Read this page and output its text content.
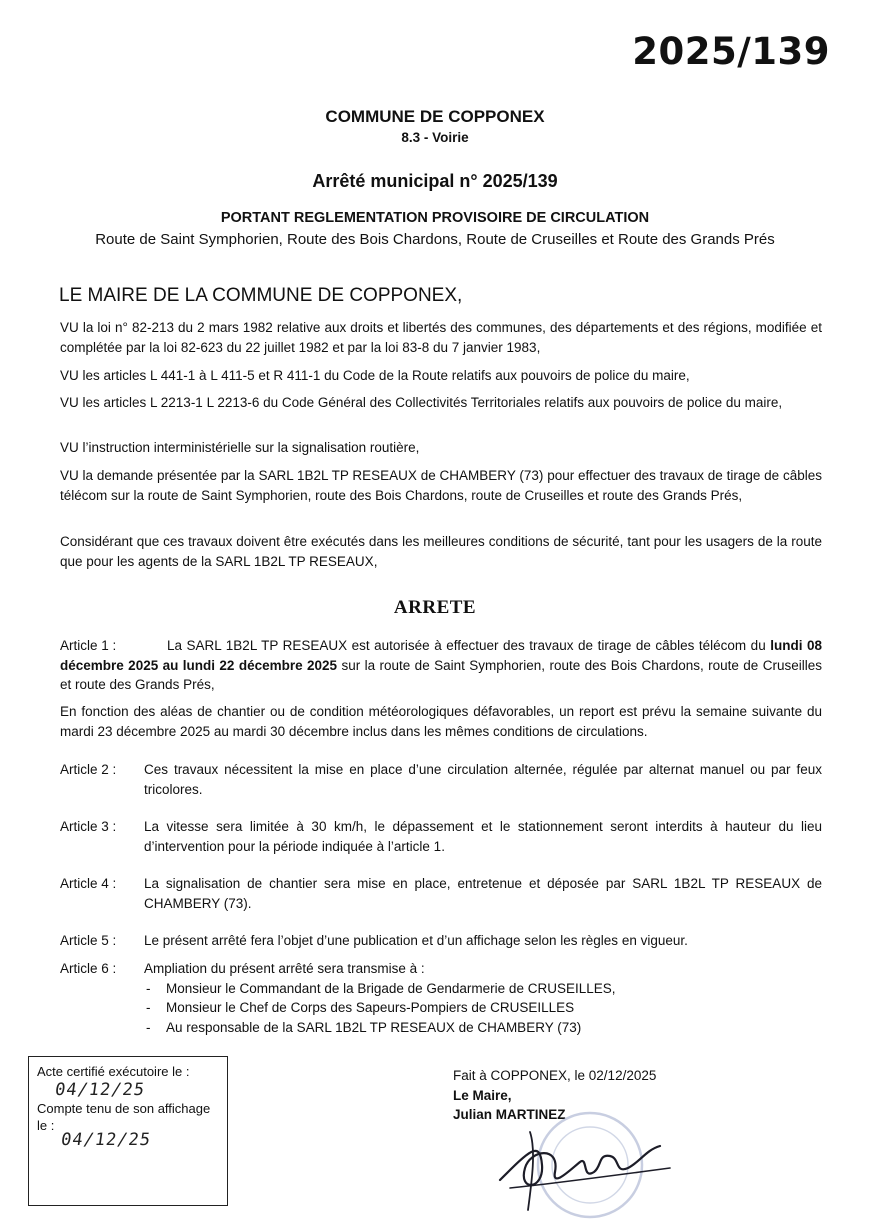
2025/139
COMMUNE DE COPPONEX
8.3 - Voirie
Arrêté municipal n° 2025/139
PORTANT REGLEMENTATION PROVISOIRE DE CIRCULATION
Route de Saint Symphorien, Route des Bois Chardons, Route de Cruseilles et Route des Grands Prés
LE MAIRE DE LA COMMUNE DE COPPONEX,
VU la loi n° 82-213 du 2 mars 1982 relative aux droits et libertés des communes, des départements et des régions, modifiée et complétée par la loi 82-623 du 22 juillet 1982 et par la loi 83-8 du 7 janvier 1983,
VU les articles L 441-1 à L 411-5 et R 411-1 du Code de la Route relatifs aux pouvoirs de police du maire,
VU les articles L 2213-1 L 2213-6 du Code Général des Collectivités Territoriales relatifs aux pouvoirs de police du maire,
VU l’instruction interministérielle sur la signalisation routière,
VU la demande présentée par la SARL 1B2L TP RESEAUX de CHAMBERY (73) pour effectuer des travaux de tirage de câbles télécom sur la route de Saint Symphorien, route des Bois Chardons, route de Cruseilles et route des Grands Prés,
Considérant que ces travaux doivent être exécutés dans les meilleures conditions de sécurité, tant pour les usagers de la route que pour les agents de la SARL 1B2L TP RESEAUX,
ARRETE
Article 1 :	La SARL 1B2L TP RESEAUX est autorisée à effectuer des travaux de tirage de câbles télécom du lundi 08 décembre 2025 au lundi 22 décembre 2025 sur la route de Saint Symphorien, route des Bois Chardons, route de Cruseilles et route des Grands Prés,
En fonction des aléas de chantier ou de condition météorologiques défavorables, un report est prévu la semaine suivante du mardi 23 décembre 2025 au mardi 30 décembre inclus dans les mêmes conditions de circulations.
Article 2 : Ces travaux nécessitent la mise en place d’une circulation alternée, régulée par alternat manuel ou par feux tricolores.
Article 3 : La vitesse sera limitée à 30 km/h, le dépassement et le stationnement seront interdits à hauteur du lieu d’intervention pour la période indiquée à l’article 1.
Article 4 : La signalisation de chantier sera mise en place, entretenue et déposée par SARL 1B2L TP RESEAUX de CHAMBERY (73).
Article 5 : Le présent arrêté fera l’objet d’une publication et d’un affichage selon les règles en vigueur.
Article 6 : Ampliation du présent arrêté sera transmise à :
- Monsieur le Commandant de la Brigade de Gendarmerie de CRUSEILLES,
- Monsieur le Chef de Corps des Sapeurs-Pompiers de CRUSEILLES
- Au responsable de la SARL 1B2L TP RESEAUX de CHAMBERY (73)
Acte certifié exécutoire le :
04/12/25
Compte tenu de son affichage
le :
04/12/25
Fait à COPPONEX, le 02/12/2025
Le Maire,
Julian MARTINEZ
